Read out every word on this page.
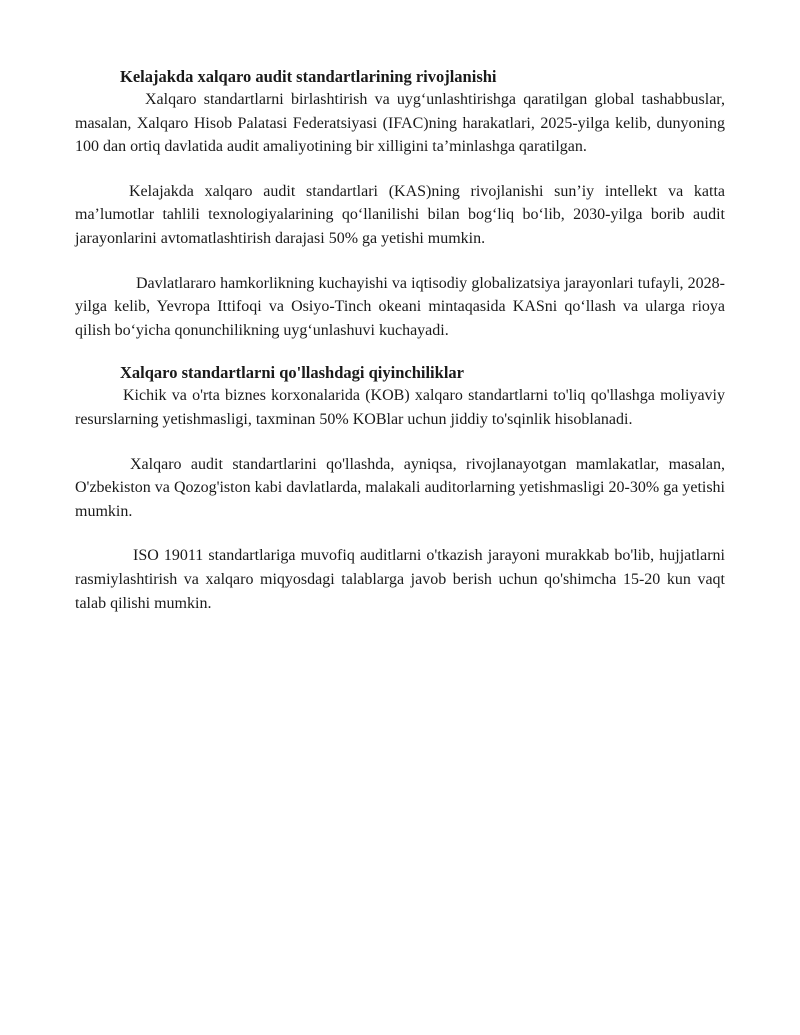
Kelajakda xalqaro audit standartlarining rivojlanishi

Xalqaro standartlarni birlashtirish va uyg‘unlashtirishga qaratilgan global tashabbuslar, masalan, Xalqaro Hisob Palatasi Federatsiyasi (IFAC)ning harakatlari, 2025-yilga kelib, dunyoning 100 dan ortiq davlatida audit amaliyotining bir xilligini ta’minlashga qaratilgan.

Kelajakda xalqaro audit standartlari (KAS)ning rivojlanishi sun’iy intellekt va katta ma’lumotlar tahlili texnologiyalarining qo‘llanilishi bilan bog‘liq bo‘lib, 2030-yilga borib audit jarayonlarini avtomatlashtirish darajasi 50% ga yetishi mumkin.

Davlatlararo hamkorlikning kuchayishi va iqtisodiy globalizatsiya jarayonlari tufayli, 2028-yilga kelib, Yevropa Ittifoqi va Osiyo-Tinch okeani mintaqasida KASni qo‘llash va ularga rioya qilish bo‘yicha qonunchilikning uyg‘unlashuvi kuchayadi.

Xalqaro standartlarni qo'llashdagi qiyinchiliklar

Kichik va o'rta biznes korxonalarida (KOB) xalqaro standartlarni to'liq qo'llashga moliyaviy resurslarning yetishmasligi, taxminan 50% KOBlar uchun jiddiy to'sqinlik hisoblanadi.

Xalqaro audit standartlarini qo'llashda, ayniqsa, rivojlanayotgan mamlakatlar, masalan, O'zbekiston va Qozog'iston kabi davlatlarda, malakali auditorlarning yetishmasligi 20-30% ga yetishi mumkin.

ISO 19011 standartlariga muvofiq auditlarni o'tkazish jarayoni murakkab bo'lib, hujjatlarni rasmiylashtirish va xalqaro miqyosdagi talablarga javob berish uchun qo'shimcha 15-20 kun vaqt talab qilishi mumkin.
